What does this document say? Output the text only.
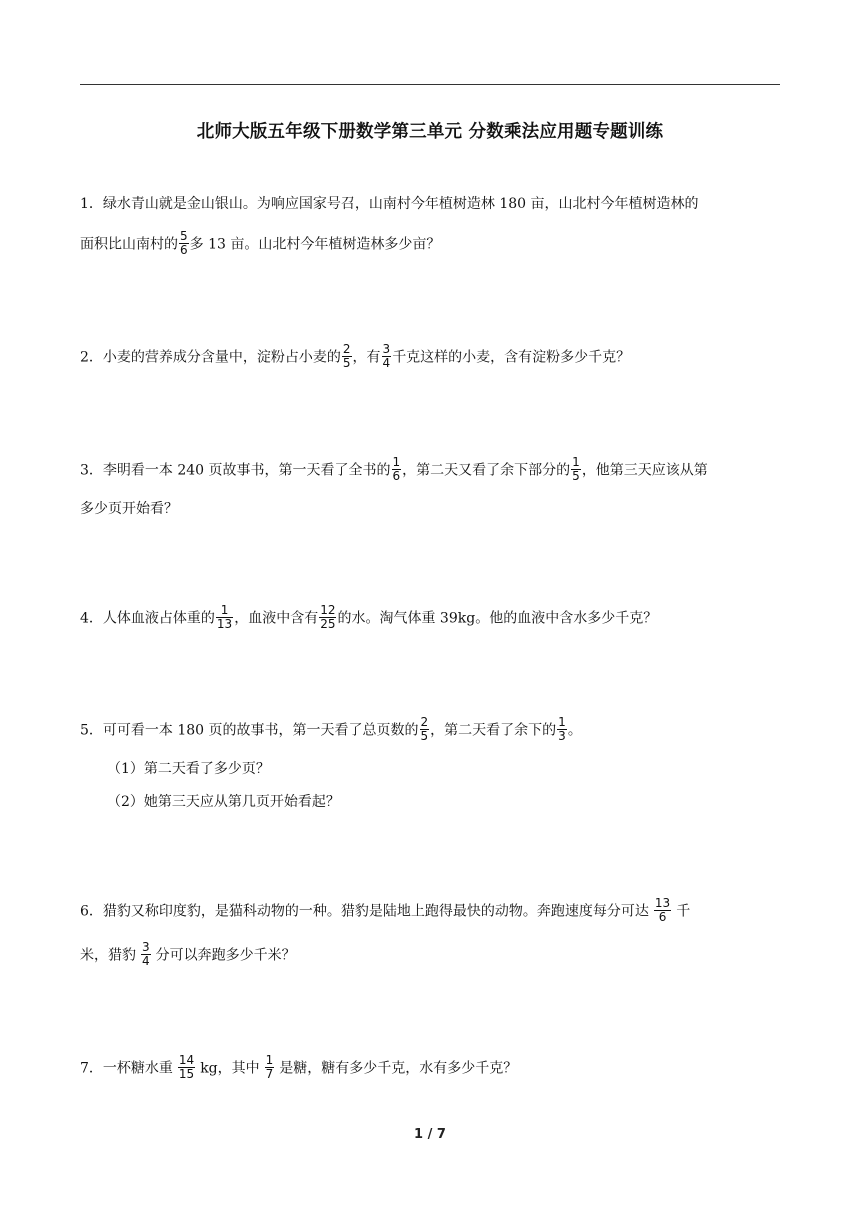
北师大版五年级下册数学第三单元 分数乘法应用题专题训练
1．绿水青山就是金山银山。为响应国家号召，山南村今年植树造林 180 亩，山北村今年植树造林的
面积比山南村的 $\frac{5}{6}$ 多 13 亩。山北村今年植树造林多少亩？
2．小麦的营养成分含量中，淀粉占小麦的 $\frac{2}{5}$ ，有 $\frac{3}{4}$ 千克这样的小麦，含有淀粉多少千克？
3．李明看一本 240 页故事书，第一天看了全书的 $\frac{1}{6}$ ，第二天又看了余下部分的 $\frac{1}{5}$ ，他第三天应该从第
多少页开始看？
4．人体血液占体重的 $\frac{1}{13}$ ，血液中含有 $\frac{12}{25}$ 的水。淘气体重 39kg。他的血液中含水多少千克？
5．可可看一本 180 页的故事书，第一天看了总页数的 $\frac{2}{5}$ ，第二天看了余下的 $\frac{1}{3}$ 。
（1）第二天看了多少页？
（2）她第三天应从第几页开始看起？
6．猎豹又称印度豹，是猫科动物的一种。猎豹是陆地上跑得最快的动物。奔跑速度每分可达 $\frac{13}{6}$ 千
米，猎豹 $\frac{3}{4}$ 分可以奔跑多少千米？
7．一杯糖水重 $\frac{14}{15}$ kg，其中 $\frac{1}{7}$ 是糖，糖有多少千克，水有多少千克？
1 / 7
